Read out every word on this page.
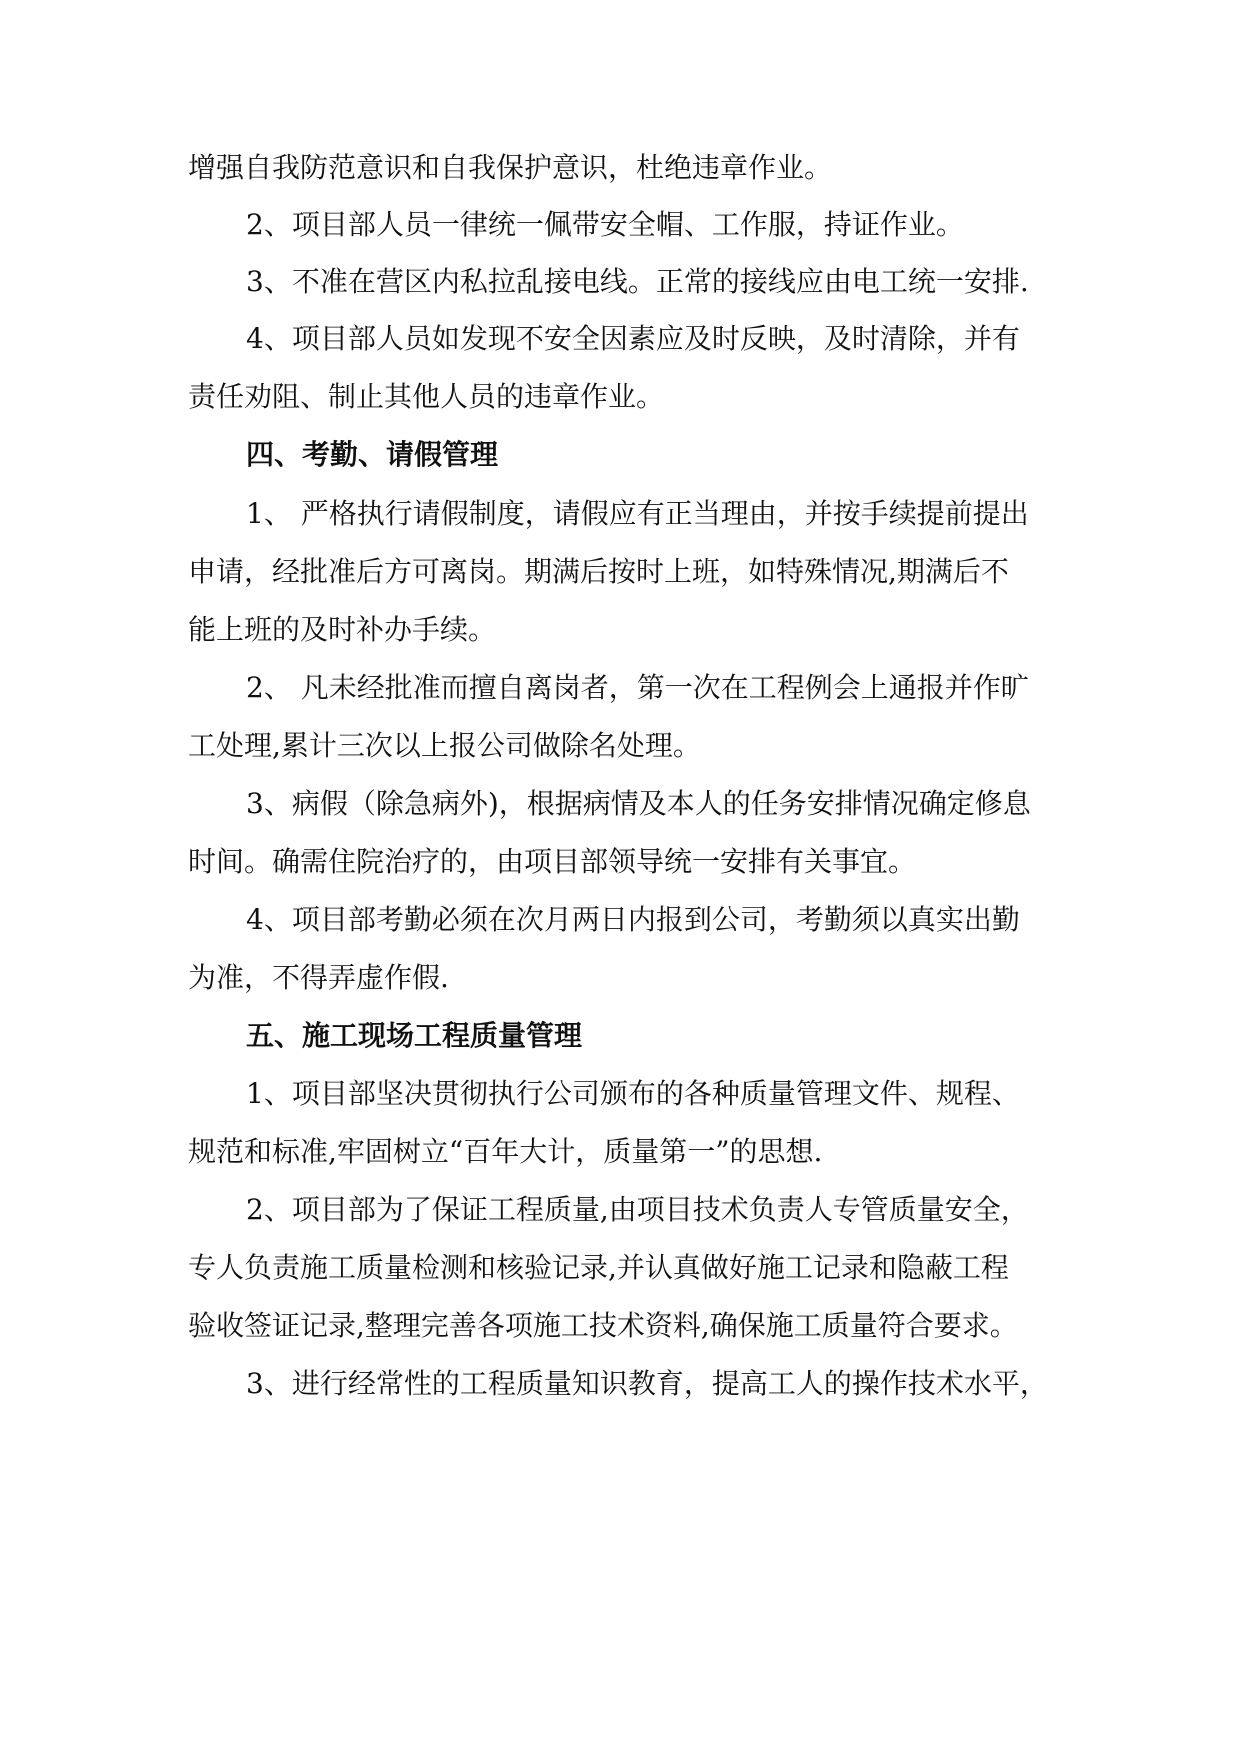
增强自我防范意识和自我保护意识，杜绝违章作业。
2、项目部人员一律统一佩带安全帽、工作服，持证作业。
3、不准在营区内私拉乱接电线。正常的接线应由电工统一安排.
4、项目部人员如发现不安全因素应及时反映，及时清除，并有
责任劝阻、制止其他人员的违章作业。
四、考勤、请假管理
1、 严格执行请假制度，请假应有正当理由，并按手续提前提出
申请，经批准后方可离岗。期满后按时上班，如特殊情况,期满后不
能上班的及时补办手续。
2、 凡未经批准而擅自离岗者，第一次在工程例会上通报并作旷
工处理,累计三次以上报公司做除名处理。
3、病假（除急病外)，根据病情及本人的任务安排情况确定修息
时间。确需住院治疗的，由项目部领导统一安排有关事宜。
4、项目部考勤必须在次月两日内报到公司，考勤须以真实出勤
为准，不得弄虚作假.
五、施工现场工程质量管理
1、项目部坚决贯彻执行公司颁布的各种质量管理文件、规程、
规范和标准,牢固树立“百年大计，质量第一”的思想.
2、项目部为了保证工程质量,由项目技术负责人专管质量安全，
专人负责施工质量检测和核验记录,并认真做好施工记录和隐蔽工程
验收签证记录,整理完善各项施工技术资料,确保施工质量符合要求。
3、进行经常性的工程质量知识教育，提高工人的操作技术水平，
